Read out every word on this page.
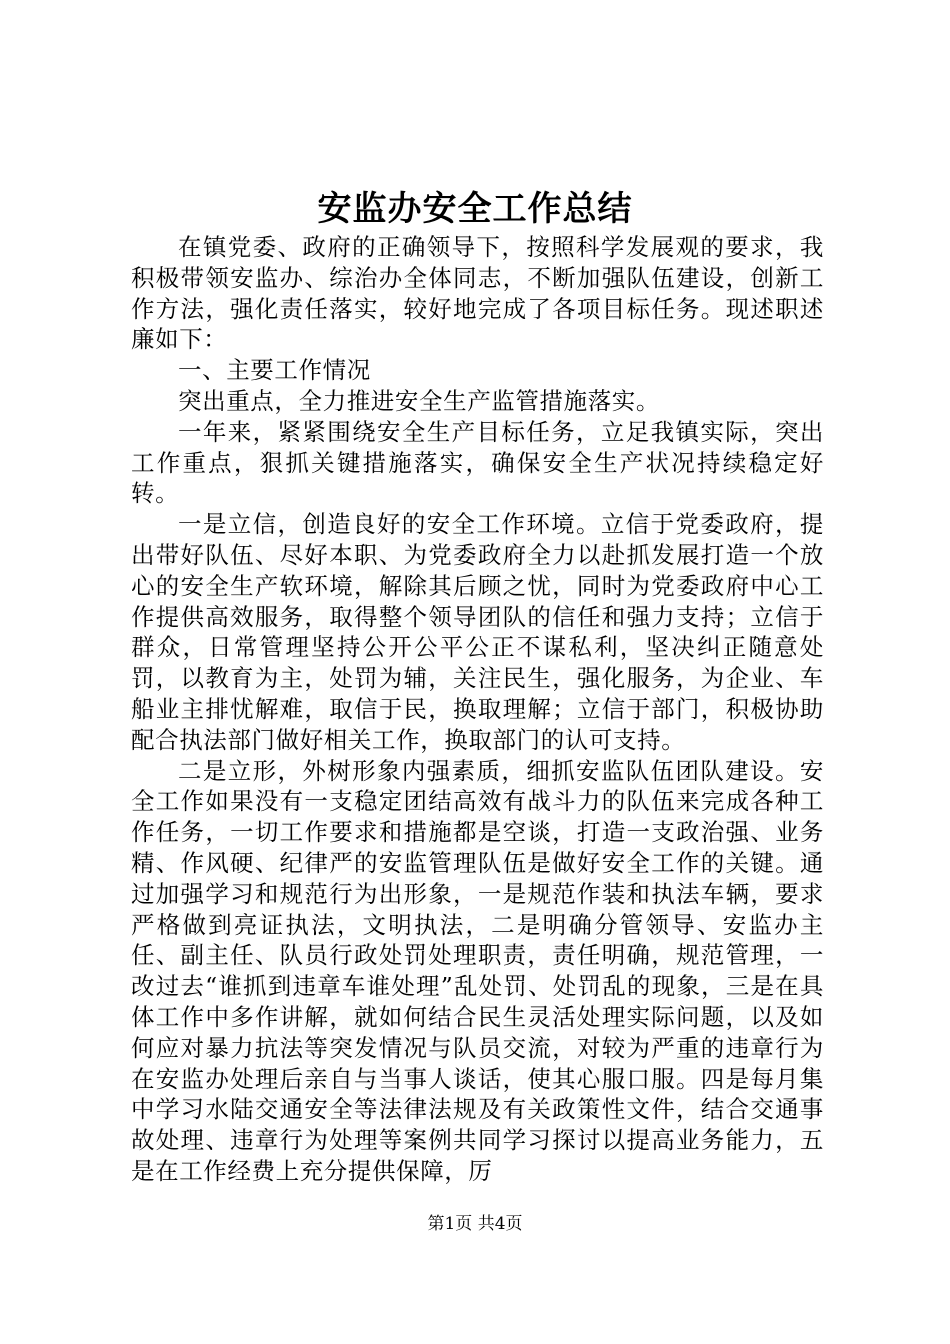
安监办安全工作总结

在镇党委、政府的正确领导下，按照科学发展观的要求，我积极带领安监办、综治办全体同志，不断加强队伍建设，创新工作方法，强化责任落实，较好地完成了各项目标任务。现述职述廉如下：

一、主要工作情况

突出重点，全力推进安全生产监管措施落实。

一年来，紧紧围绕安全生产目标任务，立足我镇实际，突出工作重点，狠抓关键措施落实，确保安全生产状况持续稳定好转。

一是立信，创造良好的安全工作环境。立信于党委政府，提出带好队伍、尽好本职、为党委政府全力以赴抓发展打造一个放心的安全生产软环境，解除其后顾之忧，同时为党委政府中心工作提供高效服务，取得整个领导团队的信任和强力支持；立信于群众，日常管理坚持公开公平公正不谋私利，坚决纠正随意处罚，以教育为主，处罚为辅，关注民生，强化服务，为企业、车船业主排忧解难，取信于民，换取理解；立信于部门，积极协助配合执法部门做好相关工作，换取部门的认可支持。

二是立形，外树形象内强素质，细抓安监队伍团队建设。安全工作如果没有一支稳定团结高效有战斗力的队伍来完成各种工作任务，一切工作要求和措施都是空谈，打造一支政治强、业务精、作风硬、纪律严的安监管理队伍是做好安全工作的关键。通过加强学习和规范行为出形象，一是规范作装和执法车辆，要求严格做到亮证执法，文明执法，二是明确分管领导、安监办主任、副主任、队员行政处罚处理职责，责任明确，规范管理，一改过去“谁抓到违章车谁处理”乱处罚、处罚乱的现象，三是在具体工作中多作讲解，就如何结合民生灵活处理实际问题，以及如何应对暴力抗法等突发情况与队员交流，对较为严重的违章行为在安监办处理后亲自与当事人谈话，使其心服口服。四是每月集中学习水陆交通安全等法律法规及有关政策性文件，结合交通事故处理、违章行为处理等案例共同学习探讨以提高业务能力，五是在工作经费上充分提供保障，厉

第1页 共4页
